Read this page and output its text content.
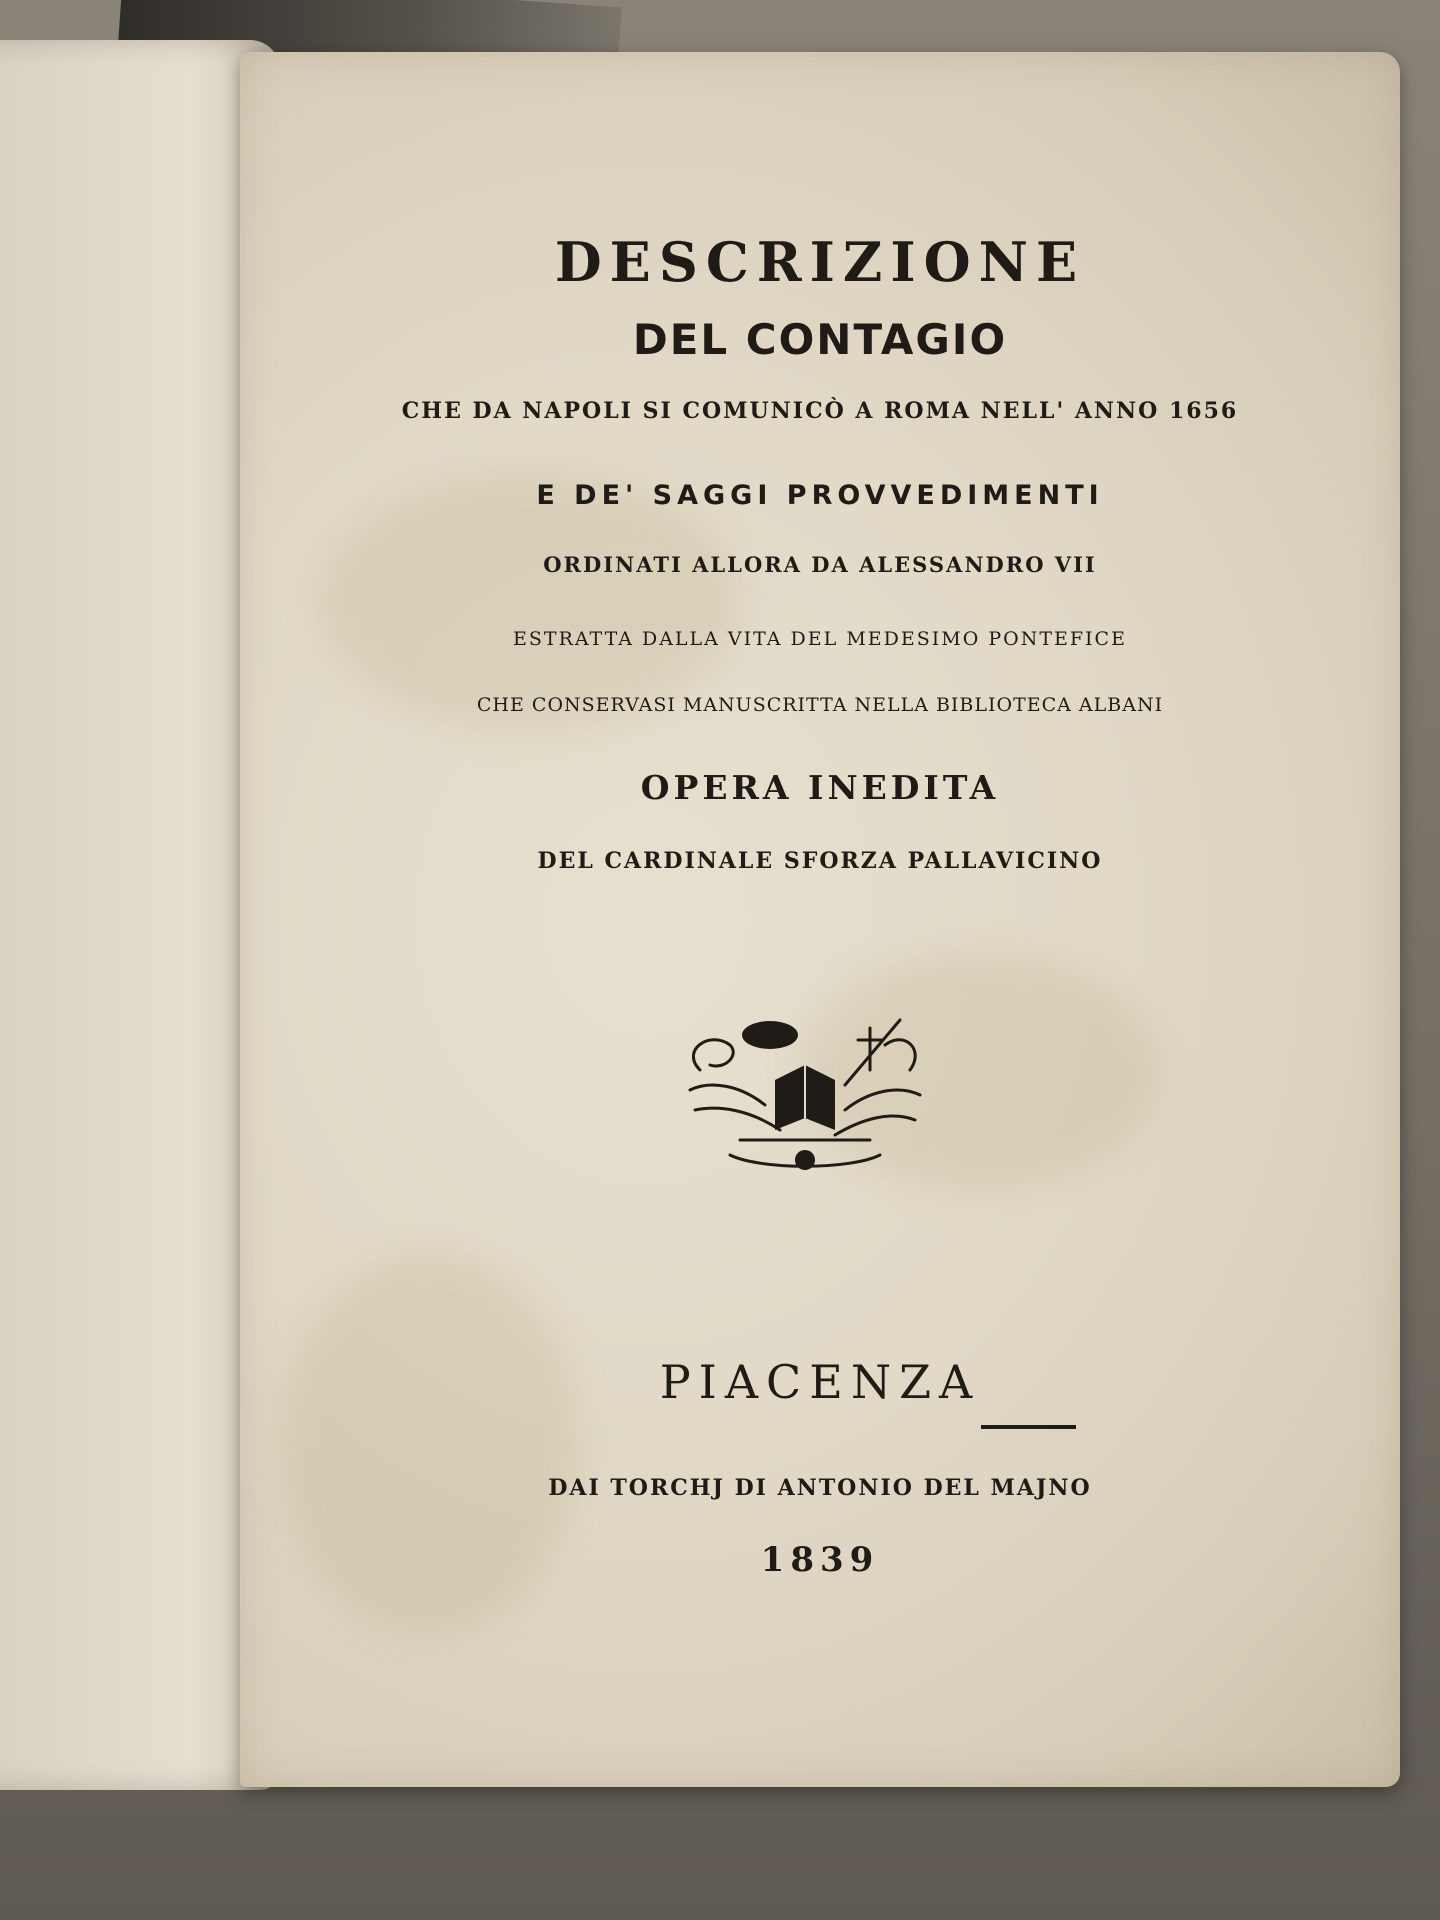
DESCRIZIONE
DEL CONTAGIO
CHE DA NAPOLI SI COMUNICÒ A ROMA NELL' ANNO 1656
E DE' SAGGI PROVVEDIMENTI
ORDINATI ALLORA DA ALESSANDRO VII
ESTRATTA DALLA VITA DEL MEDESIMO PONTEFICE
CHE CONSERVASI MANUSCRITTA NELLA BIBLIOTECA ALBANI
OPERA INEDITA
DEL CARDINALE SFORZA PALLAVICINO
PIACENZA
DAI TORCHJ DI ANTONIO DEL MAJNO
1839
